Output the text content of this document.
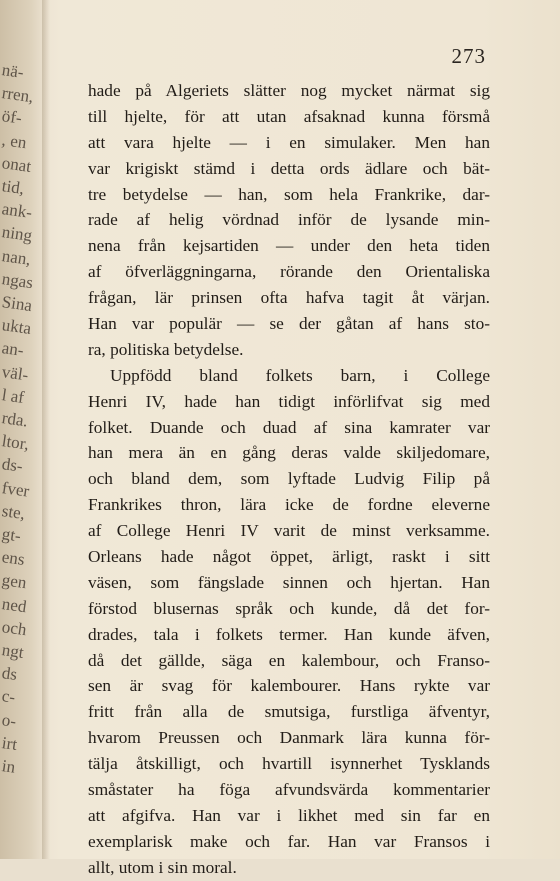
nä-
rren,
öf-
, en
onat
tid,
ank-
ning
nan,
ngas
Sina
ukta
an-
väl-
l af
rda.
ltor,
ds-
fver
ste,
gt-
ens
gen
ned
och
ngt
ds
c-
o-
irt
in
273
hade på Algeriets slätter nog mycket närmat sig
till hjelte, för att utan afsaknad kunna försmå
att vara hjelte — i en simulaker. Men han
var krigiskt stämd i detta ords ädlare och bät-
tre betydelse — han, som hela Frankrike, dar-
rade af helig vördnad inför de lysande min-
nena från kejsartiden — under den heta tiden
af öfverläggningarna, rörande den Orientaliska
frågan, lär prinsen ofta hafva tagit åt värjan.
Han var populär — se der gåtan af hans sto-
ra, politiska betydelse.
Uppfödd bland folkets barn, i College
Henri IV, hade han tidigt införlifvat sig med
folket. Duande och duad af sina kamrater var
han mera än en gång deras valde skiljedomare,
och bland dem, som lyftade Ludvig Filip på
Frankrikes thron, lära icke de fordne eleverne
af College Henri IV varit de minst verksamme.
Orleans hade något öppet, ärligt, raskt i sitt
väsen, som fängslade sinnen och hjertan. Han
förstod blusernas språk och kunde, då det for-
drades, tala i folkets termer. Han kunde äfven,
då det gällde, säga en kalembour, och Franso-
sen är svag för kalembourer. Hans rykte var
fritt från alla de smutsiga, furstliga äfventyr,
hvarom Preussen och Danmark lära kunna för-
tälja åtskilligt, och hvartill isynnerhet Tysklands
småstater ha föga afvundsvärda kommentarier
att afgifva. Han var i likhet med sin far en
exemplarisk make och far. Han var Fransos i
allt, utom i sin moral.
